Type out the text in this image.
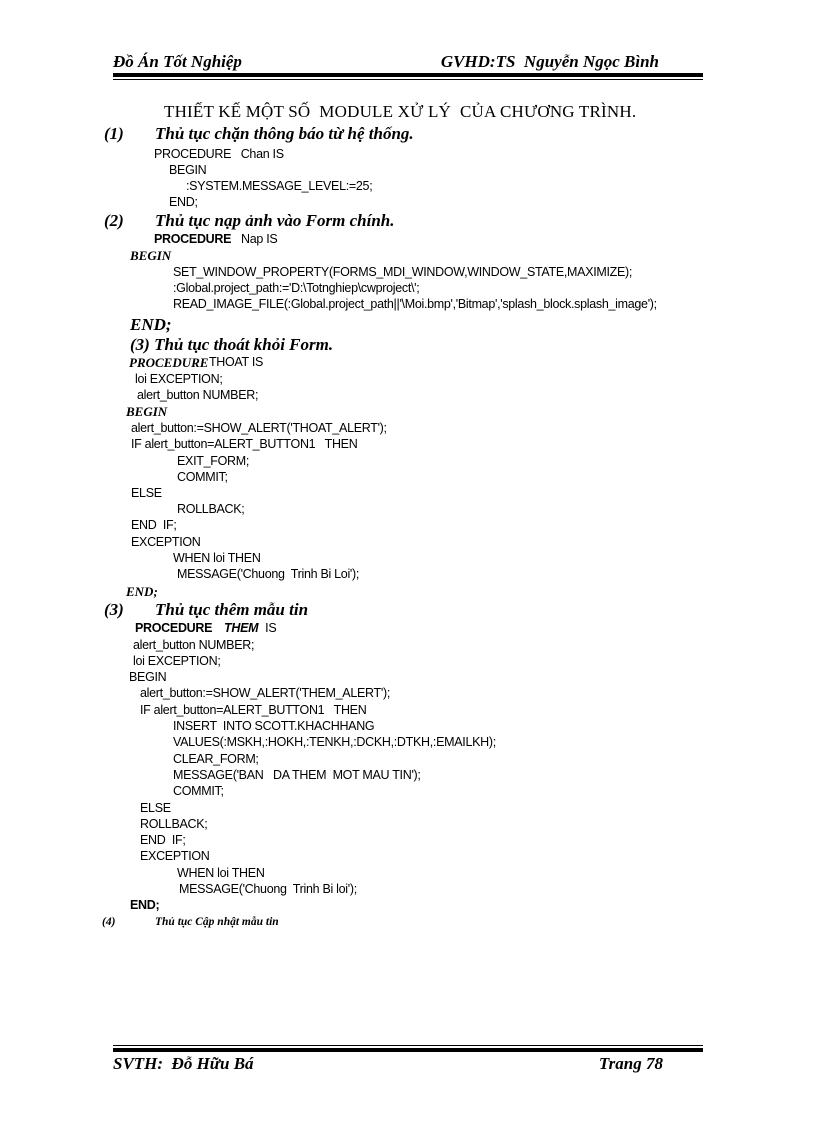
Đồ Án Tốt Nghiệp	GVHD:TS  Nguyễn Ngọc Bình
THIẾT KẾ MỘT SỐ  MODULE XỬ LÝ  CỦA CHƯƠNG TRÌNH.
(1) Thủ tục chặn thông báo từ hệ thống.
PROCEDURE   Chan IS
BEGIN
:SYSTEM.MESSAGE_LEVEL:=25;
END;
(2) Thủ tục nạp ảnh vào Form chính.
PROCEDURE Nap IS
BEGIN
SET_WINDOW_PROPERTY(FORMS_MDI_WINDOW,WINDOW_STATE,MAXIMIZE);
:Global.project_path:='D:\Totnghiep\cwproject\';
READ_IMAGE_FILE(:Global.project_path||'\Moi.bmp','Bitmap','splash_block.splash_image');
END;
(3) Thủ tục thoát khỏi Form.
PROCEDURE
THOAT IS
loi EXCEPTION;
alert_button NUMBER;
BEGIN
alert_button:=SHOW_ALERT('THOAT_ALERT');
IF alert_button=ALERT_BUTTON1   THEN
EXIT_FORM;
COMMIT;
ELSE
ROLLBACK;
END  IF;
EXCEPTION
WHEN loi THEN
MESSAGE('Chuong  Trinh Bi Loi');
END;
(3) Thủ tục thêm mẫu tin
PROCEDURE THEM IS
alert_button NUMBER;
loi EXCEPTION;
BEGIN
alert_button:=SHOW_ALERT('THEM_ALERT');
IF alert_button=ALERT_BUTTON1   THEN
INSERT  INTO SCOTT.KHACHHANG
VALUES(:MSKH,:HOKH,:TENKH,:DCKH,:DTKH,:EMAILKH);
CLEAR_FORM;
MESSAGE('BAN   DA THEM  MOT MAU TIN');
COMMIT;
ELSE
ROLLBACK;
END  IF;
EXCEPTION
WHEN loi THEN
MESSAGE('Chuong  Trinh Bi loi');
END;
(4)	Thủ tục Cập nhật mẫu tin
SVTH:  Đỗ Hữu Bá	Trang 78
